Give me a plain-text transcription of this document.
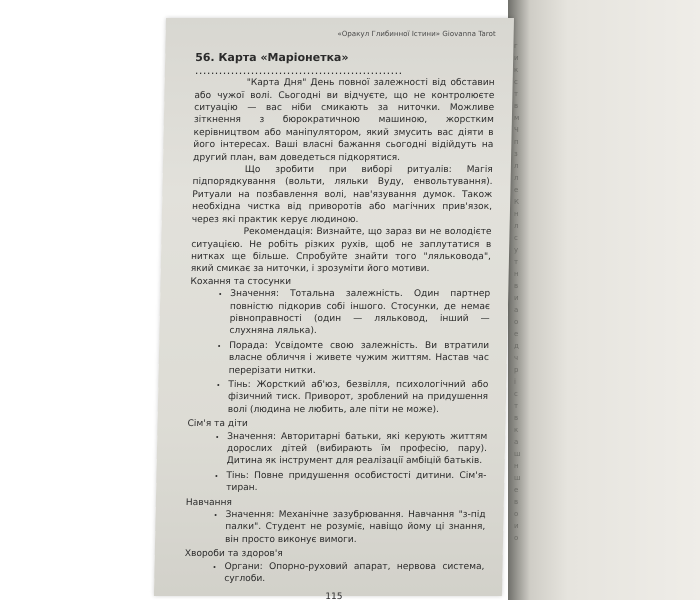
г
и
к
с
т
в
м
Ч
п
з
л
л
е
К
н
л
с
у
т
н
в
и
а
о
е
д
ч
р
і
с
т
в
к
а
ш
н
ш
е
в
о
и
о
«Оракул Глибинної Істини» Giovanna Tarot
56. Карта «Маріонетка» ....................................................

"Карта Дня" День повної залежності від обставин або чужої волі. Сьогодні ви відчуєте, що не контролюєте ситуацію — вас ніби смикають за ниточки. Можливе зіткнення з бюрократичною машиною, жорстким керівництвом або маніпулятором, який змусить вас діяти в його інтересах. Ваші власні бажання сьогодні відійдуть на другий план, вам доведеться підкорятися.

Що зробити при виборі ритуалів: Магія підпорядкування (вольти, ляльки Вуду, енвольтування). Ритуали на позбавлення волі, нав'язування думок. Також необхідна чистка від приворотів або магічних прив'язок, через які практик керує людиною.

Рекомендація: Визнайте, що зараз ви не володієте ситуацією. Не робіть різких рухів, щоб не заплутатися в нитках ще більше. Спробуйте знайти того "ляльковода", який смикає за ниточки, і зрозуміти його мотиви.

Кохання та стосунки
• Значення: Тотальна залежність. Один партнер повністю підкорив собі іншого. Стосунки, де немає рівноправності (один — ляльковод, інший — слухняна лялька).
• Порада: Усвідомте свою залежність. Ви втратили власне обличчя і живете чужим життям. Настав час перерізати нитки.
• Тінь: Жорсткий аб'юз, безвілля, психологічний або фізичний тиск. Приворот, зроблений на придушення волі (людина не любить, але піти не може).
Сім'я та діти
• Значення: Авторитарні батьки, які керують життям дорослих дітей (вибирають їм професію, пару). Дитина як інструмент для реалізації амбіцій батьків.
• Тінь: Повне придушення особистості дитини. Сім'я-тиран.
Навчання
• Значення: Механічне зазубрювання. Навчання "з-під палки". Студент не розуміє, навіщо йому ці знання, він просто виконує вимоги.
Хвороби та здоров'я
• Органи: Опорно-руховий апарат, нервова система, суглоби.
115
